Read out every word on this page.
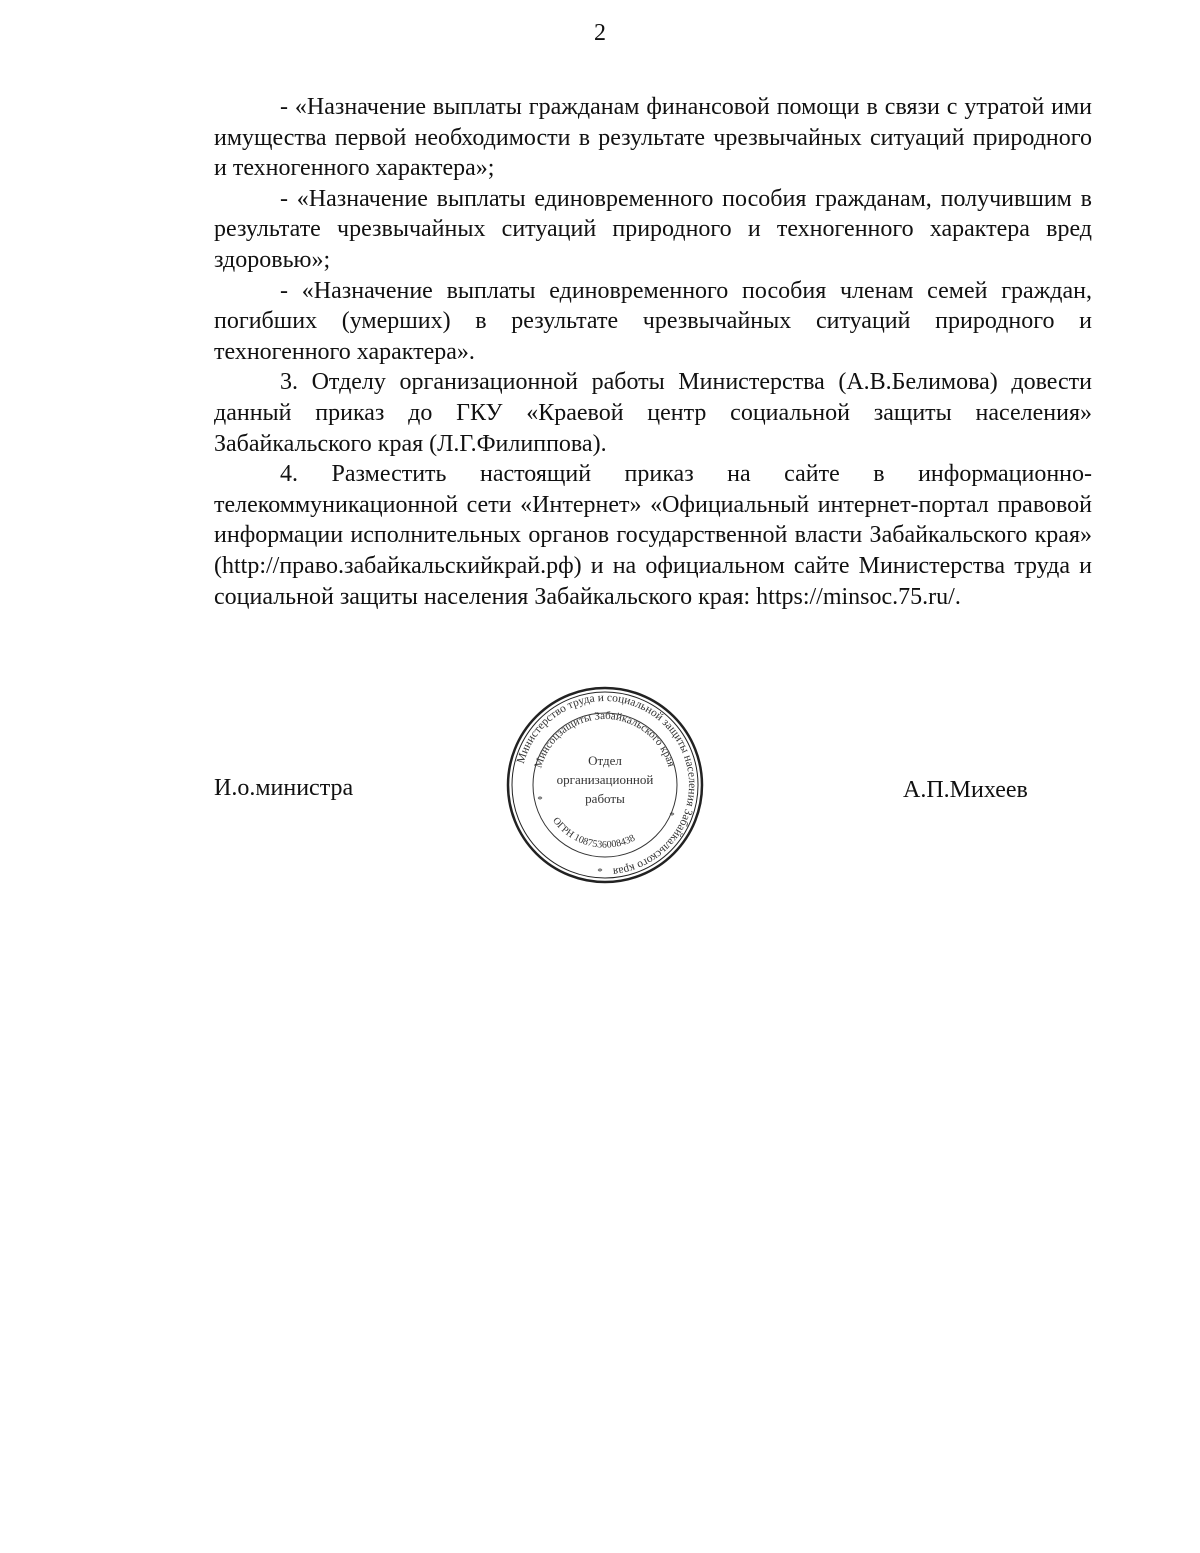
2

- «Назначение выплаты гражданам финансовой помощи в связи с утратой ими имущества первой необходимости в результате чрезвычайных ситуаций природного и техногенного характера»;

- «Назначение выплаты единовременного пособия гражданам, получившим в результате чрезвычайных ситуаций природного и техногенного характера вред здоровью»;

- «Назначение выплаты единовременного пособия членам семей граждан, погибших (умерших) в результате чрезвычайных ситуаций природного и техногенного характера».

3. Отделу организационной работы Министерства (А.В.Белимова) довести данный приказ до ГКУ «Краевой центр социальной защиты населения» Забайкальского края (Л.Г.Филиппова).

4. Разместить настоящий приказ на сайте в информационно-телекоммуникационной сети «Интернет» «Официальный интернет-портал правовой информации исполнительных органов государственной власти Забайкальского края» (http://право.забайкальскийкрай.рф) и на официальном сайте Министерства труда и социальной защиты населения Забайкальского края: https://minsoc.75.ru/.

И.о.министра
Министерство труда и социальной защиты населения Забайкальского края
Минсоцзащиты Забайкальского края
ОГРН 1087536008438
Отдел
организационной
работы
*
*
*
А.П.Михеев
